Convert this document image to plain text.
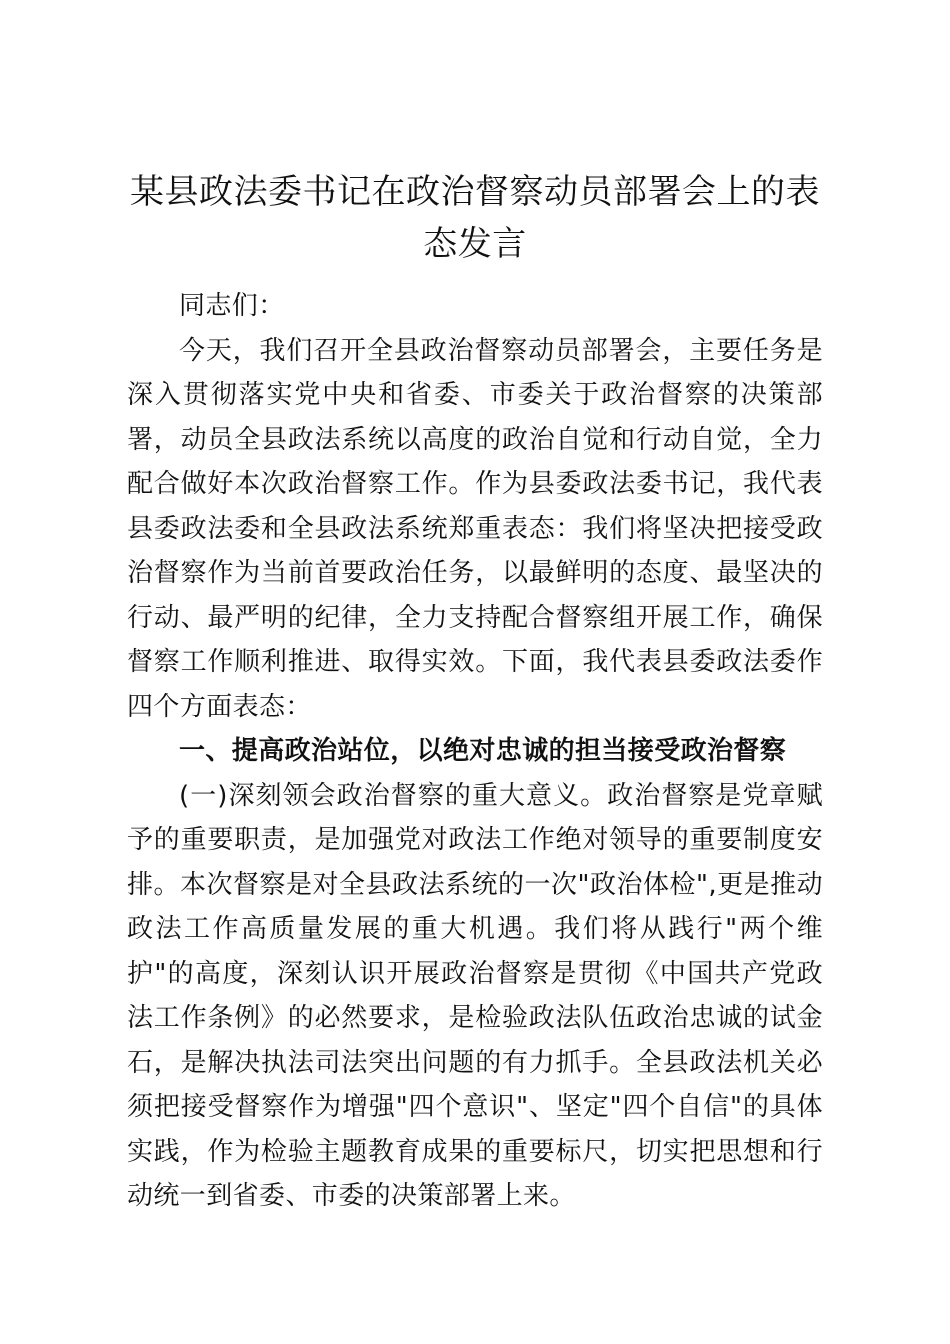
某县政法委书记在政治督察动员部署会上的表
态发言

同志们：

今天，我们召开全县政治督察动员部署会，主要任务是深入贯彻落实党中央和省委、市委关于政治督察的决策部署，动员全县政法系统以高度的政治自觉和行动自觉，全力配合做好本次政治督察工作。作为县委政法委书记，我代表县委政法委和全县政法系统郑重表态：我们将坚决把接受政治督察作为当前首要政治任务，以最鲜明的态度、最坚决的行动、最严明的纪律，全力支持配合督察组开展工作，确保督察工作顺利推进、取得实效。下面，我代表县委政法委作四个方面表态：

一、提高政治站位，以绝对忠诚的担当接受政治督察

(一)深刻领会政治督察的重大意义。政治督察是党章赋予的重要职责，是加强党对政法工作绝对领导的重要制度安排。本次督察是对全县政法系统的一次"政治体检",更是推动政法工作高质量发展的重大机遇。我们将从践行"两个维护"的高度，深刻认识开展政治督察是贯彻《中国共产党政法工作条例》的必然要求，是检验政法队伍政治忠诚的试金石，是解决执法司法突出问题的有力抓手。全县政法机关必须把接受督察作为增强"四个意识"、坚定"四个自信"的具体实践，作为检验主题教育成果的重要标尺，切实把思想和行动统一到省委、市委的决策部署上来。
